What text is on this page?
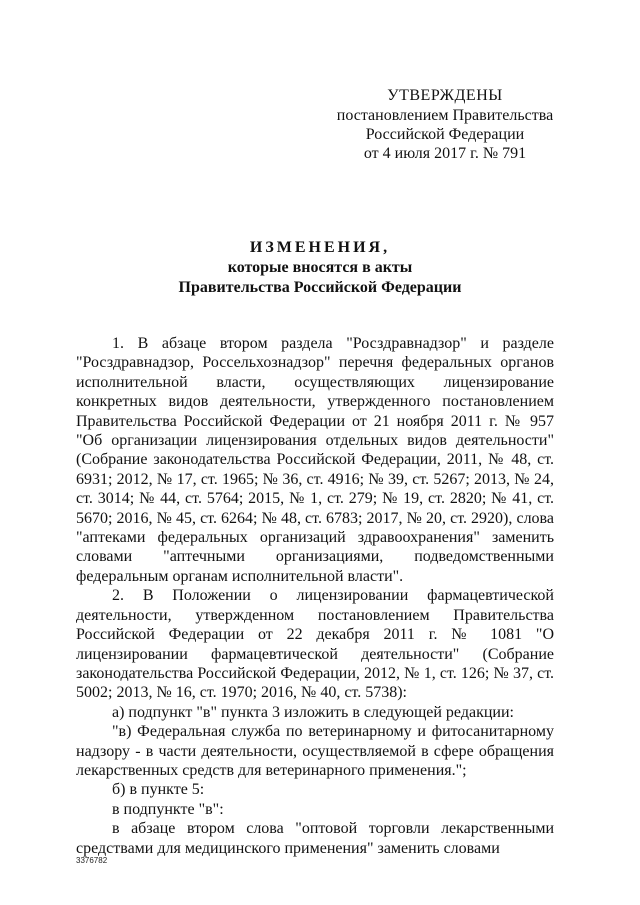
УТВЕРЖДЕНЫ
постановлением Правительства
Российской Федерации
от 4 июля 2017 г. № 791
ИЗМЕНЕНИЯ,
которые вносятся в акты
Правительства Российской Федерации

1. В абзаце втором раздела "Росздравнадзор" и разделе "Росздравнадзор, Россельхознадзор" перечня федеральных органов исполнительной власти, осуществляющих лицензирование конкретных видов деятельности, утвержденного постановлением Правительства Российской Федерации от 21 ноября 2011 г. № 957 "Об организации лицензирования отдельных видов деятельности" (Собрание законодательства Российской Федерации, 2011, № 48, ст. 6931; 2012, № 17, ст. 1965; № 36, ст. 4916; № 39, ст. 5267; 2013, № 24, ст. 3014; № 44, ст. 5764; 2015, № 1, ст. 279; № 19, ст. 2820; № 41, ст. 5670; 2016, № 45, ст. 6264; № 48, ст. 6783; 2017, № 20, ст. 2920), слова "аптеками федеральных организаций здравоохранения" заменить словами "аптечными организациями, подведомственными федеральным органам исполнительной власти".

2. В Положении о лицензировании фармацевтической деятельности, утвержденном постановлением Правительства Российской Федерации от 22 декабря 2011 г. № 1081 "О лицензировании фармацевтической деятельности" (Собрание законодательства Российской Федерации, 2012, № 1, ст. 126; № 37, ст. 5002; 2013, № 16, ст. 1970; 2016, № 40, ст. 5738):

а) подпункт "в" пункта 3 изложить в следующей редакции:

"в) Федеральная служба по ветеринарному и фитосанитарному надзору - в части деятельности, осуществляемой в сфере обращения лекарственных средств для ветеринарного применения.";

б) в пункте 5:

в подпункте "в":

в абзаце втором слова "оптовой торговли лекарственными средствами для медицинского применения" заменить словами

3376782
